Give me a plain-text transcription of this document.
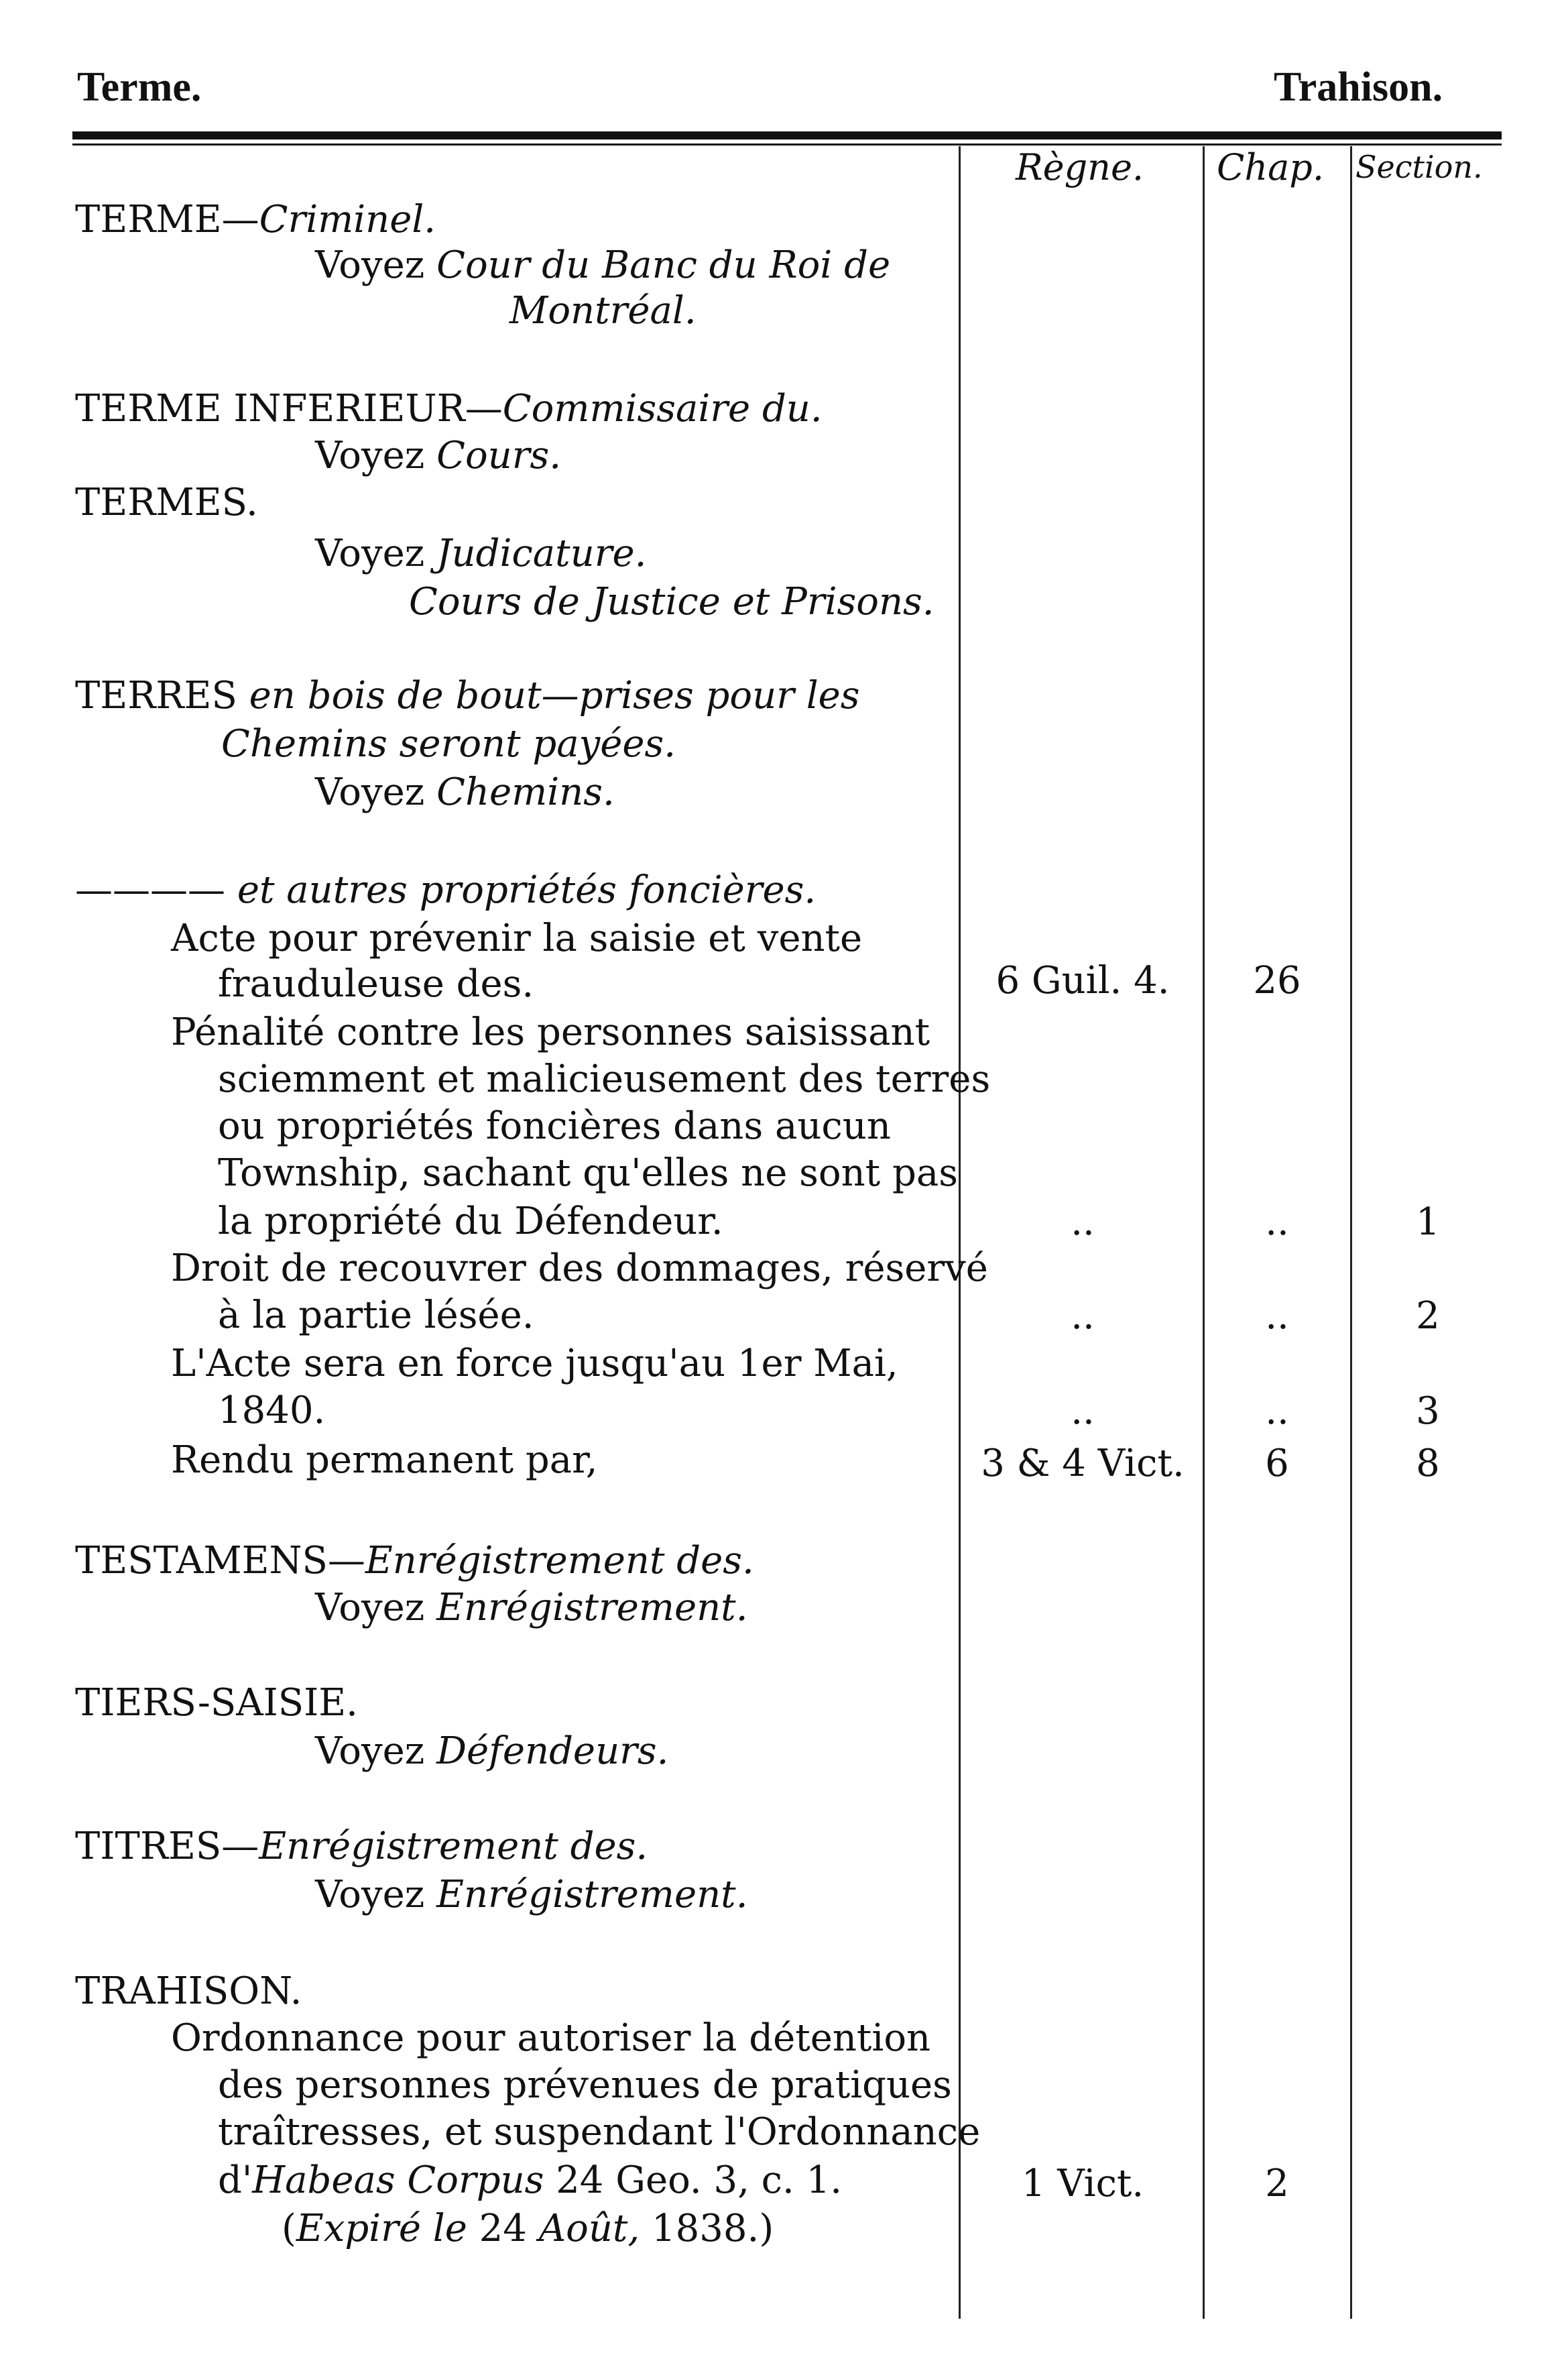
Terme.	Trahison.
Règne. Chap. Section.
TERME—Criminel.
Voyez Cour du Banc du Roi de
Montréal.
TERME INFERIEUR—Commissaire du.
Voyez Cours.
TERMES.
Voyez Judicature.
Cours de Justice et Prisons.
TERRES en bois de bout—prises pour les
Chemins seront payées.
Voyez Chemins.
———— et autres propriétés foncières.
Acte pour prévenir la saisie et vente
frauduleuse des.	6 Guil. 4.	26
Pénalité contre les personnes saisissant
sciemment et malicieusement des terres
ou propriétés foncières dans aucun
Township, sachant qu'elles ne sont pas
la propriété du Défendeur.	..	..	1
Droit de recouvrer des dommages, réservé
à la partie lésée.	..	..	2
L'Acte sera en force jusqu'au 1er Mai,
1840.	..	..	3
Rendu permanent par,	3 & 4 Vict.	6	8
TESTAMENS—Enrégistrement des.
Voyez Enrégistrement.
TIERS-SAISIE.
Voyez Défendeurs.
TITRES—Enrégistrement des.
Voyez Enrégistrement.
TRAHISON.
Ordonnance pour autoriser la détention
des personnes prévenues de pratiques
traîtresses, et suspendant l'Ordonnance
d'Habeas Corpus 24 Geo. 3, c. 1.
(Expiré le 24 Août, 1838.)
1 Vict.	2
